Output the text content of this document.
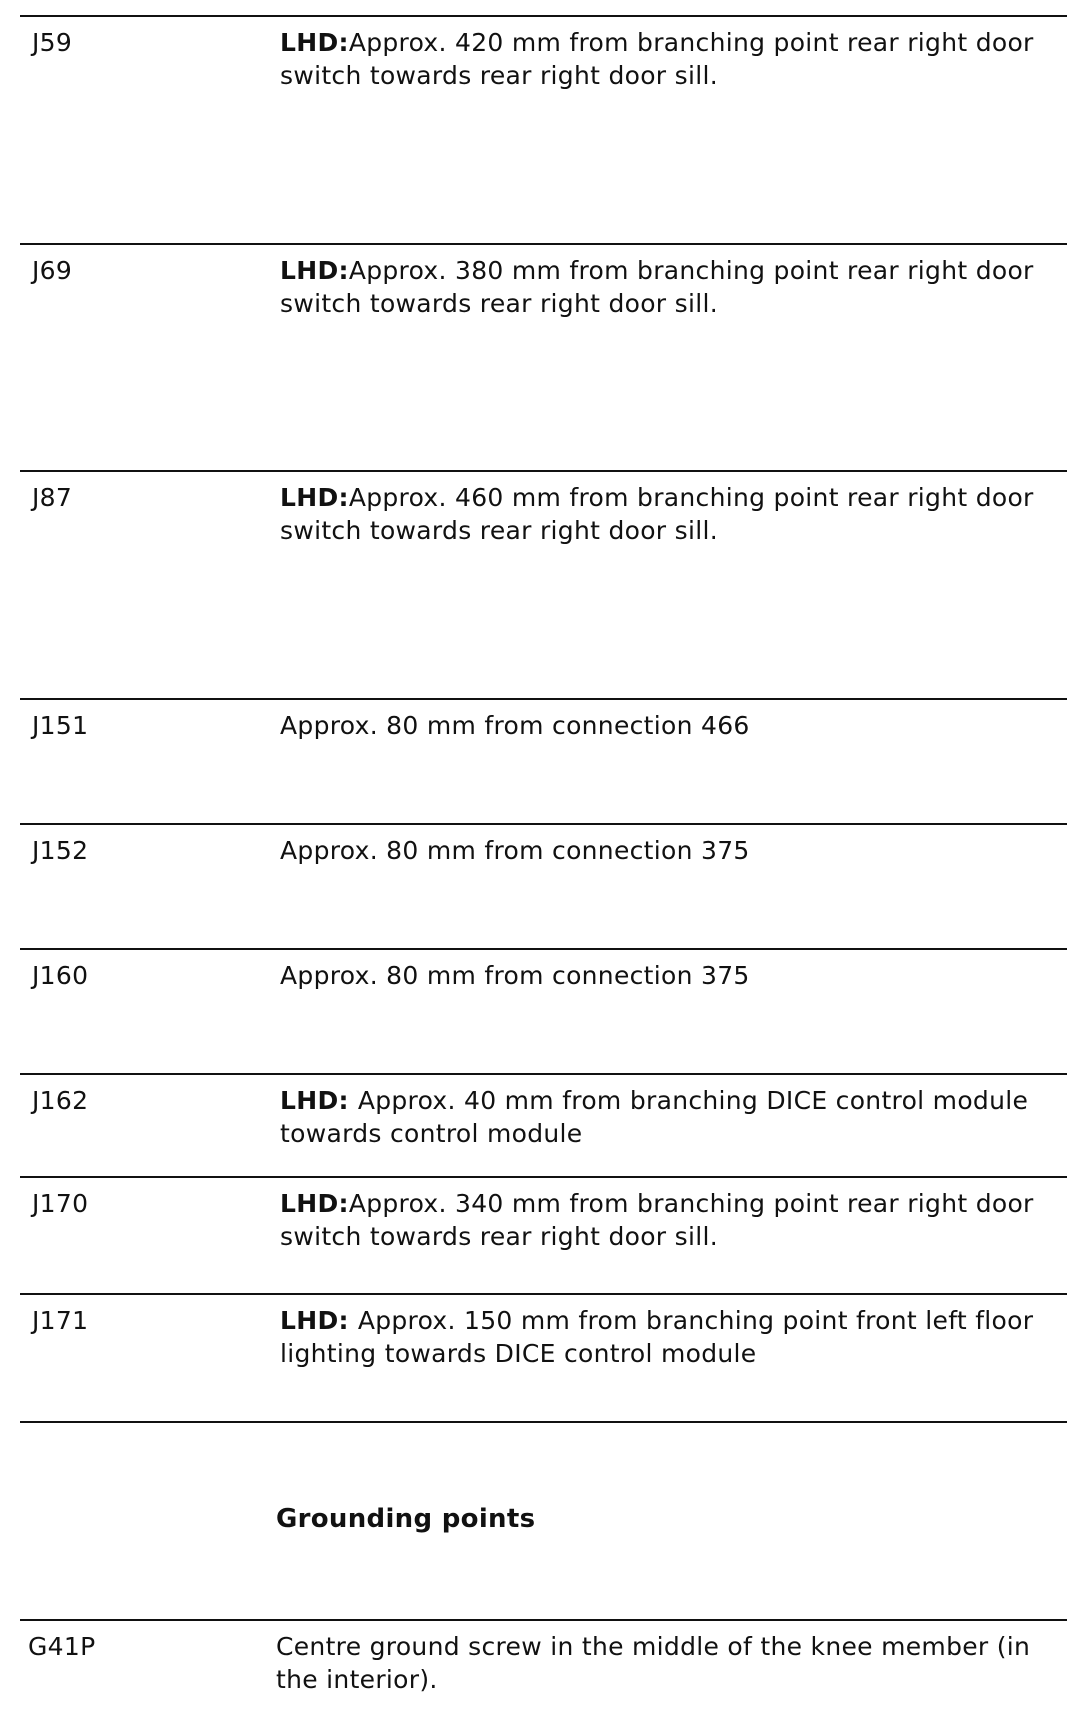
J59	LHD:Approx. 420 mm from branching point rear right door switch towards rear right door sill.
J69	LHD:Approx. 380 mm from branching point rear right door switch towards rear right door sill.
J87	LHD:Approx. 460 mm from branching point rear right door switch towards rear right door sill.
J151	Approx. 80 mm from connection 466
J152	Approx. 80 mm from connection 375
J160	Approx. 80 mm from connection 375
J162	LHD: Approx. 40 mm from branching DICE control module towards control module
J170	LHD:Approx. 340 mm from branching point rear right door switch towards rear right door sill.
J171	LHD: Approx. 150 mm from branching point front left floor lighting towards DICE control module
Grounding points
G41P	Centre ground screw in the middle of the knee member (in the interior).
